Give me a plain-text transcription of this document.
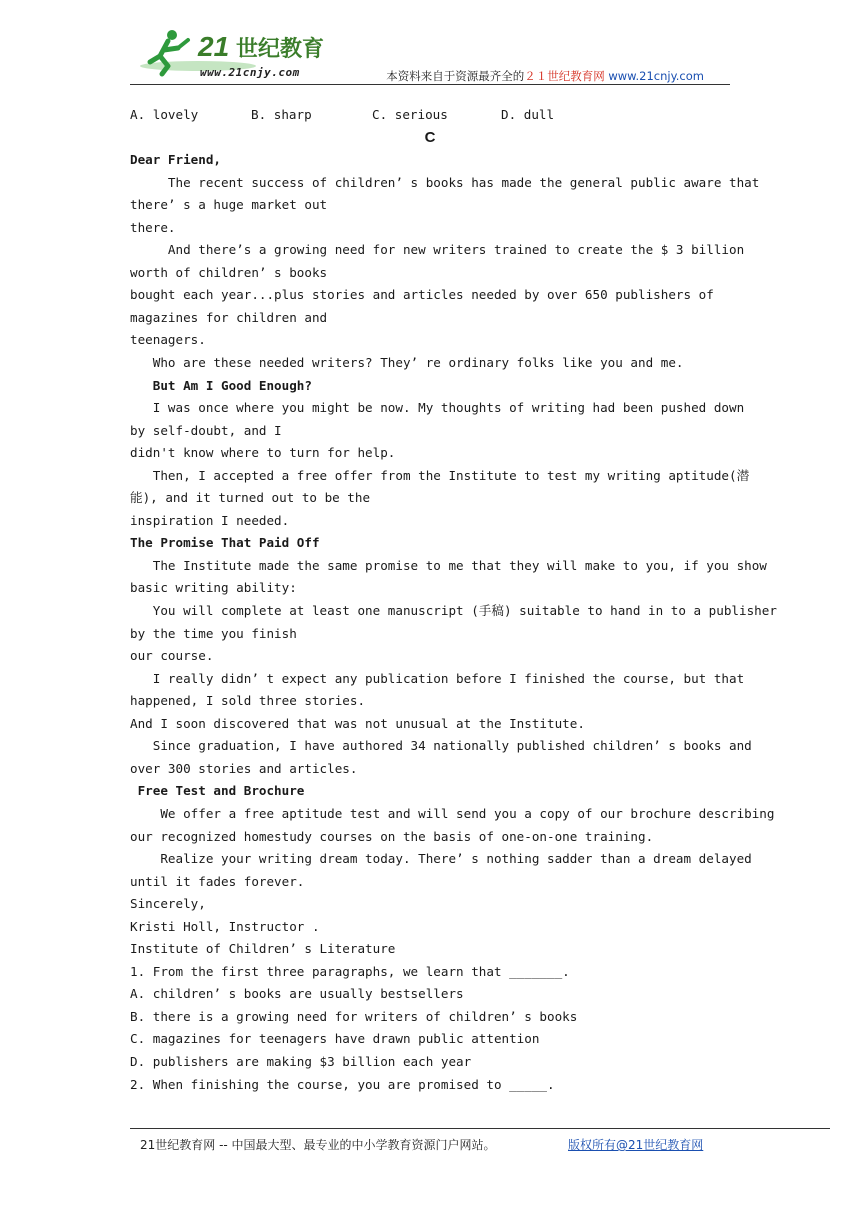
21 世纪教育
www.21cnjy.com	本资料来自于资源最齐全的２１世纪教育网 www.21cnjy.com
A. lovely	B. sharp	C. serious	D. dull
C
Dear Friend,
The recent success of children’ s books has made the general public aware that
there’ s a huge market out
there.
And there’s a growing need for new writers trained to create the $ 3 billion
worth of children’ s books
bought each year...plus stories and articles needed by over 650 publishers of
magazines for children and
teenagers.
Who are these needed writers? They’ re ordinary folks like you and me.
But Am I Good Enough?
I was once where you might be now. My thoughts of writing had been pushed down
by self-doubt, and I
didn't know where to turn for help.
Then, I accepted a free offer from the Institute to test my writing aptitude(潜
能), and it turned out to be the
inspiration I needed.
The Promise That Paid Off
The Institute made the same promise to me that they will make to you, if you show
basic writing ability:
You will complete at least one manuscript (手稿) suitable to hand in to a publisher
by the time you finish
our course.
I really didn’ t expect any publication before I finished the course, but that
happened, I sold three stories.
And I soon discovered that was not unusual at the Institute.
Since graduation, I have authored 34 nationally published children’ s books and
over 300 stories and articles.
Free Test and Brochure
We offer a free aptitude test and will send you a copy of our brochure describing
our recognized homestudy courses on the basis of one-on-one training.
Realize your writing dream today. There’ s nothing sadder than a dream delayed
until it fades forever.
Sincerely,
Kristi Holl, Instructor .
Institute of Children’ s Literature
1. From the first three paragraphs, we learn that _______.
A. children’ s books are usually bestsellers
B. there is a growing need for writers of children’ s books
C. magazines for teenagers have drawn public attention
D. publishers are making $3 billion each year
2. When finishing the course, you are promised to _____.
21世纪教育网 -- 中国最大型、最专业的中小学教育资源门户网站。	版权所有@21世纪教育网
